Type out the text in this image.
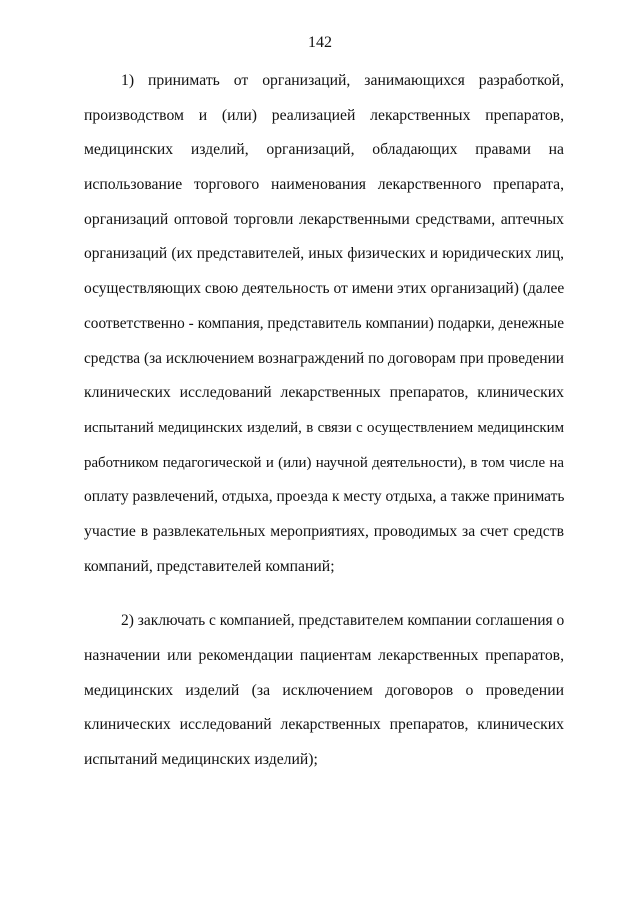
142
1) принимать от организаций, занимающихся разработкой,
производством и (или) реализацией лекарственных препаратов,
медицинских изделий, организаций, обладающих правами на
использование торгового наименования лекарственного препарата,
организаций оптовой торговли лекарственными средствами, аптечных
организаций (их представителей, иных физических и юридических лиц,
осуществляющих свою деятельность от имени этих организаций) (далее
соответственно - компания, представитель компании) подарки, денежные
средства (за исключением вознаграждений по договорам при проведении
клинических исследований лекарственных препаратов, клинических
испытаний медицинских изделий, в связи с осуществлением медицинским
работником педагогической и (или) научной деятельности), в том числе на
оплату развлечений, отдыха, проезда к месту отдыха, а также принимать
участие в развлекательных мероприятиях, проводимых за счет средств
компаний, представителей компаний;
2) заключать с компанией, представителем компании соглашения о
назначении или рекомендации пациентам лекарственных препаратов,
медицинских изделий (за исключением договоров о проведении
клинических исследований лекарственных препаратов, клинических
испытаний медицинских изделий);
